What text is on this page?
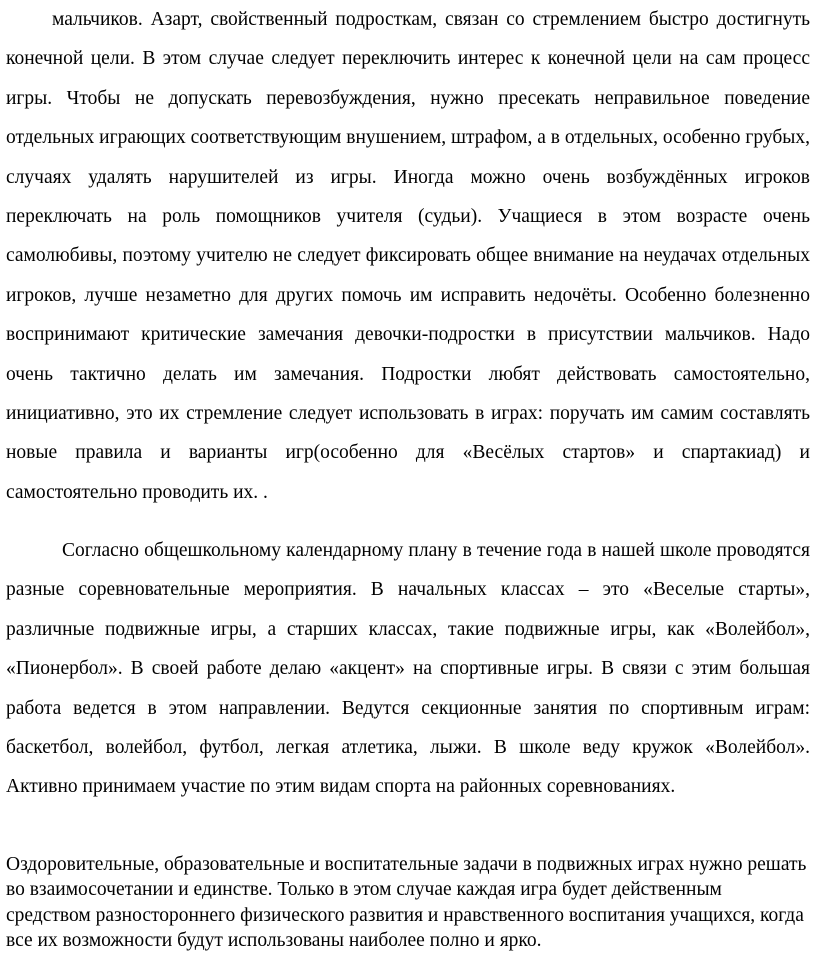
мальчиков. Азарт, свойственный подросткам, связан со стремлением быстро достигнуть конечной цели. В этом случае следует переключить интерес к конечной цели на сам процесс игры. Чтобы не допускать перевозбуждения, нужно пресекать неправильное поведение отдельных играющих соответствующим внушением, штрафом, а в отдельных, особенно грубых, случаях удалять нарушителей из игры. Иногда можно очень возбуждённых игроков переключать на роль помощников учителя (судьи). Учащиеся в этом возрасте очень самолюбивы, поэтому учителю не следует фиксировать общее внимание на неудачах отдельных игроков, лучше незаметно для других помочь им исправить недочёты. Особенно болезненно воспринимают критические замечания девочки-подростки в присутствии мальчиков. Надо очень тактично делать им замечания. Подростки любят действовать самостоятельно, инициативно, это их стремление следует использовать в играх: поручать им самим составлять новые правила и варианты игр(особенно для «Весёлых стартов» и спартакиад) и самостоятельно проводить их. .

Согласно общешкольному календарному плану в течение года в нашей школе проводятся разные соревновательные мероприятия. В начальных классах – это «Веселые старты», различные подвижные игры, а старших классах, такие подвижные игры, как «Волейбол», «Пионербол». В своей работе делаю «акцент» на спортивные игры. В связи с этим большая работа ведется в этом направлении. Ведутся секционные занятия по спортивным играм: баскетбол, волейбол, футбол, легкая атлетика, лыжи. В школе веду кружок «Волейбол». Активно принимаем участие по этим видам спорта на районных соревнованиях.

Оздоровительные, образовательные и воспитательные задачи в подвижных играх нужно решать во взаимосочетании и единстве. Только в этом случае каждая игра будет действенным средством разностороннего физического развития и нравственного воспитания учащихся, когда все их возможности будут использованы наиболее полно и ярко.
